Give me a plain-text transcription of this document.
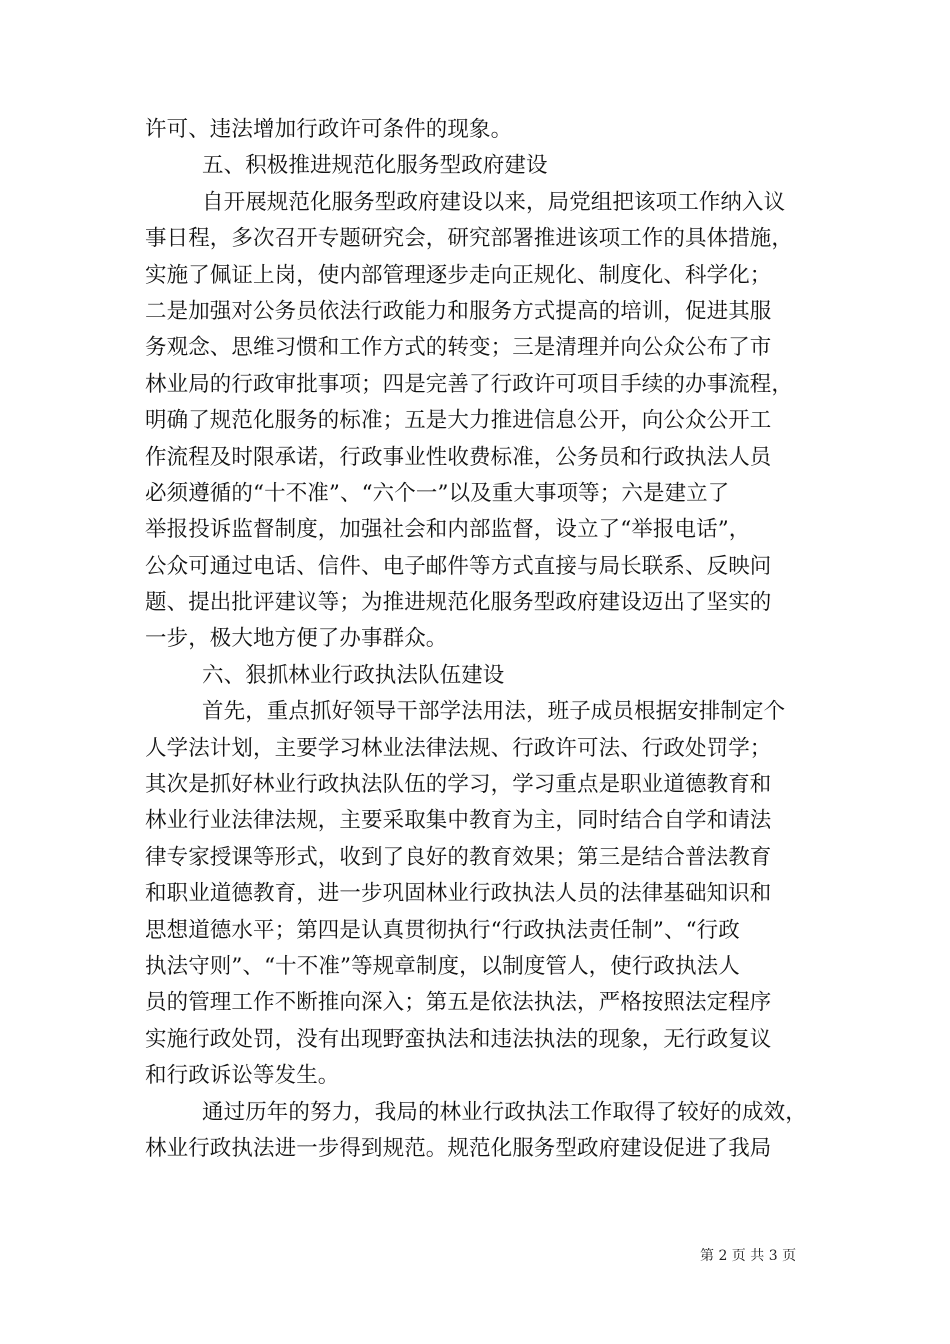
许可、违法增加行政许可条件的现象。
五、积极推进规范化服务型政府建设
自开展规范化服务型政府建设以来，局党组把该项工作纳入议
事日程，多次召开专题研究会，研究部署推进该项工作的具体措施，
实施了佩证上岗，使内部管理逐步走向正规化、制度化、科学化；
二是加强对公务员依法行政能力和服务方式提高的培训，促进其服
务观念、思维习惯和工作方式的转变；三是清理并向公众公布了市
林业局的行政审批事项；四是完善了行政许可项目手续的办事流程，
明确了规范化服务的标准；五是大力推进信息公开，向公众公开工
作流程及时限承诺，行政事业性收费标准，公务员和行政执法人员
必须遵循的“十不准”、“六个一”以及重大事项等；六是建立了
举报投诉监督制度，加强社会和内部监督，设立了“举报电话”，
公众可通过电话、信件、电子邮件等方式直接与局长联系、反映问
题、提出批评建议等；为推进规范化服务型政府建设迈出了坚实的
一步，极大地方便了办事群众。
六、狠抓林业行政执法队伍建设
首先，重点抓好领导干部学法用法，班子成员根据安排制定个
人学法计划，主要学习林业法律法规、行政许可法、行政处罚学；
其次是抓好林业行政执法队伍的学习，学习重点是职业道德教育和
林业行业法律法规，主要采取集中教育为主，同时结合自学和请法
律专家授课等形式，收到了良好的教育效果；第三是结合普法教育
和职业道德教育，进一步巩固林业行政执法人员的法律基础知识和
思想道德水平；第四是认真贯彻执行“行政执法责任制”、“行政
执法守则”、“十不准”等规章制度，以制度管人，使行政执法人
员的管理工作不断推向深入；第五是依法执法，严格按照法定程序
实施行政处罚，没有出现野蛮执法和违法执法的现象，无行政复议
和行政诉讼等发生。
通过历年的努力，我局的林业行政执法工作取得了较好的成效，
林业行政执法进一步得到规范。规范化服务型政府建设促进了我局
第 2 页 共 3 页
